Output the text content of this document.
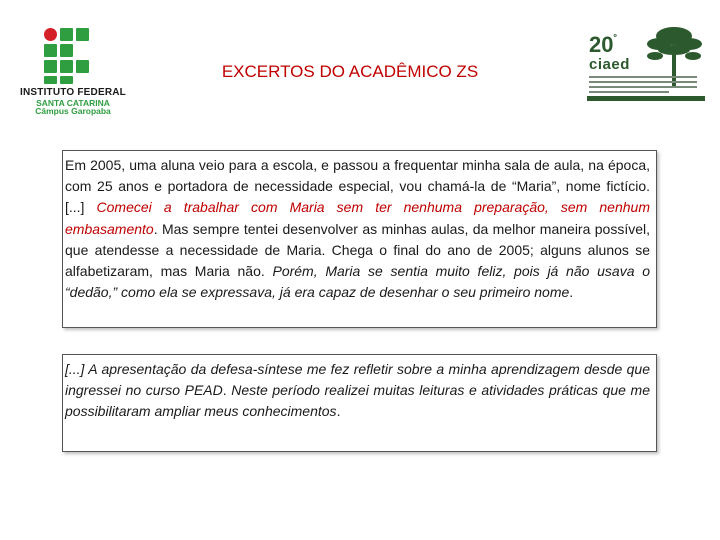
INSTITUTO FEDERAL
SANTA CATARINA
Câmpus Garopaba
EXCERTOS DO ACADÊMICO ZS
$20^º$
ciaed
Em 2005, uma aluna veio para a escola, e passou a frequentar minha sala de aula, na época, com 25 anos e portadora de necessidade especial, vou chamá-la de “Maria”, nome fictício. [...] Comecei a trabalhar com Maria sem ter nenhuma preparação, sem nenhum embasamento. Mas sempre tentei desenvolver as minhas aulas, da melhor maneira possível, que atendesse a necessidade de Maria. Chega o final do ano de 2005; alguns alunos se alfabetizaram, mas Maria não. Porém, Maria se sentia muito feliz, pois já não usava o “dedão,” como ela se expressava, já era capaz de desenhar o seu primeiro nome.
[...] A apresentação da defesa-síntese me fez refletir sobre a minha aprendizagem desde que ingressei no curso PEAD. Neste período realizei muitas leituras e atividades práticas que me possibilitaram ampliar meus conhecimentos.
